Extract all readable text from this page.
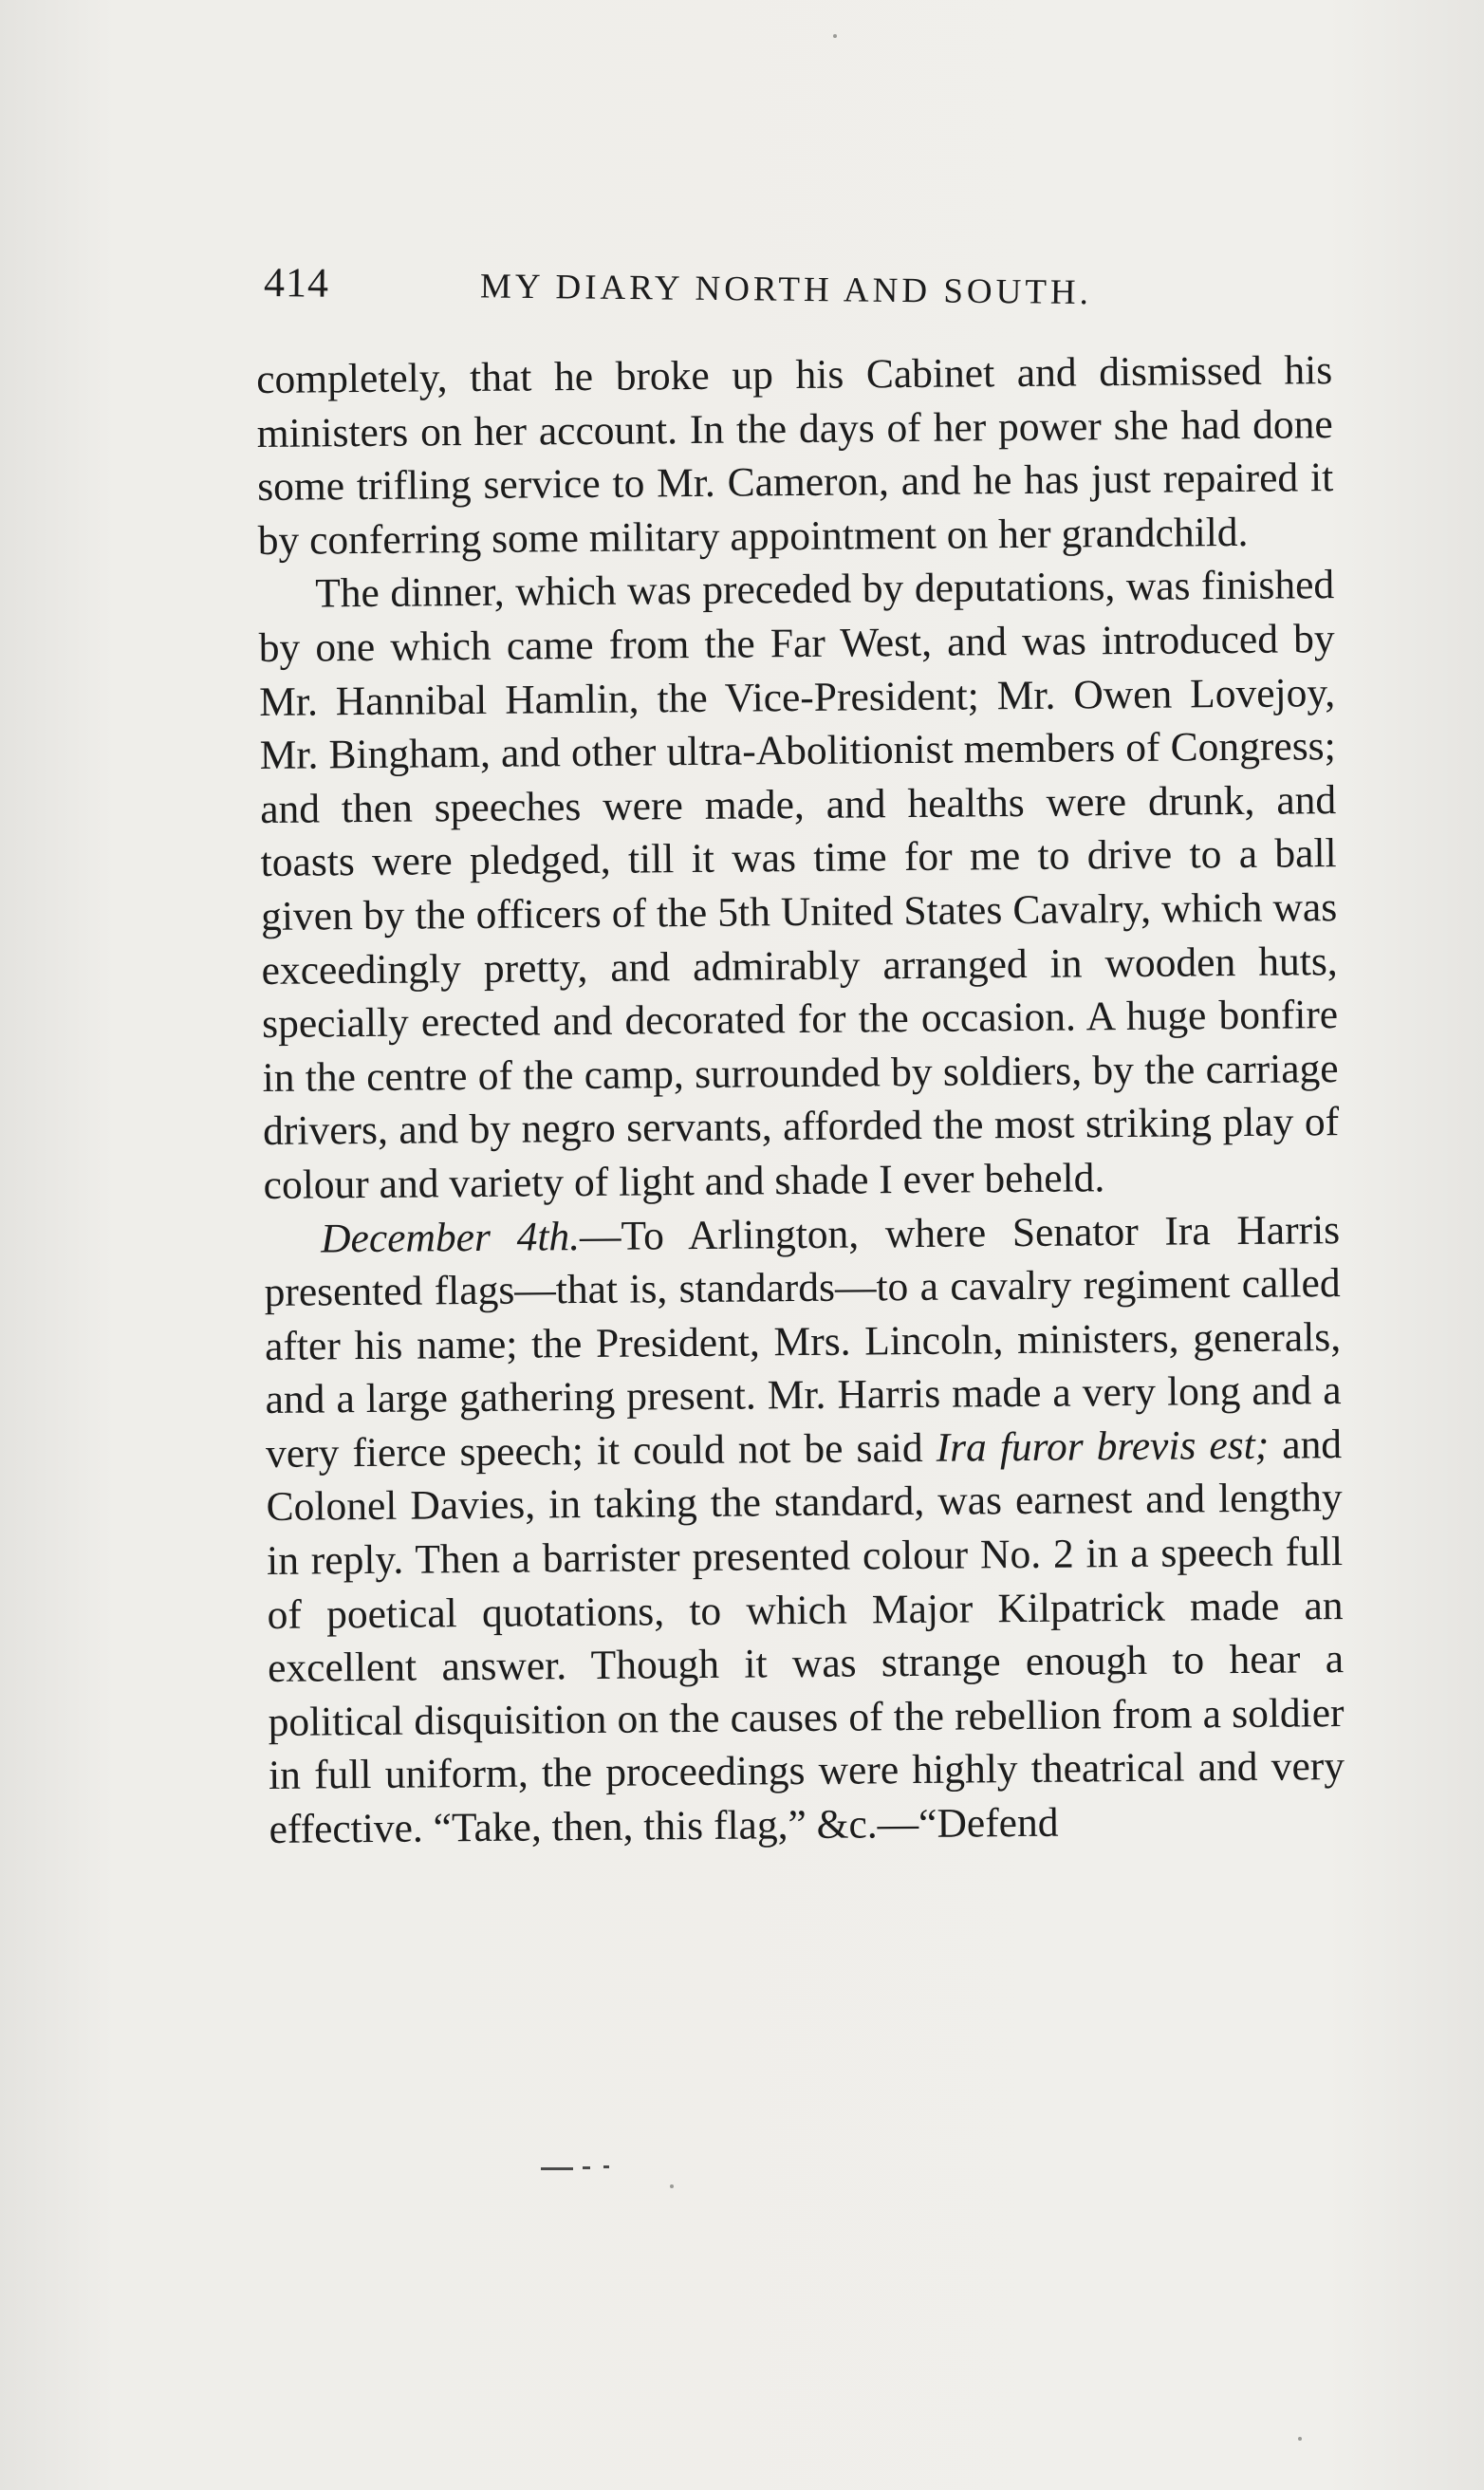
414	MY DIARY NORTH AND SOUTH.

completely, that he broke up his Cabinet and dismissed his ministers on her account. In the days of her power she had done some trifling service to Mr. Cameron, and he has just repaired it by conferring some military appointment on her grandchild.

The dinner, which was preceded by deputations, was finished by one which came from the Far West, and was introduced by Mr. Hannibal Hamlin, the Vice-President; Mr. Owen Lovejoy, Mr. Bingham, and other ultra-Abolitionist members of Congress; and then speeches were made, and healths were drunk, and toasts were pledged, till it was time for me to drive to a ball given by the officers of the 5th United States Cavalry, which was exceedingly pretty, and admirably arranged in wooden huts, specially erected and decorated for the occasion. A huge bonfire in the centre of the camp, surrounded by soldiers, by the carriage drivers, and by negro servants, afforded the most striking play of colour and variety of light and shade I ever beheld.

December 4th.—To Arlington, where Senator Ira Harris presented flags—that is, standards—to a cavalry regiment called after his name; the President, Mrs. Lincoln, ministers, generals, and a large gathering present. Mr. Harris made a very long and a very fierce speech; it could not be said Ira furor brevis est; and Colonel Davies, in taking the standard, was earnest and lengthy in reply. Then a barrister presented colour No. 2 in a speech full of poetical quotations, to which Major Kilpatrick made an excellent answer. Though it was strange enough to hear a political disquisition on the causes of the rebellion from a soldier in full uniform, the proceedings were highly theatrical and very effective. “Take, then, this flag,” &c.—“Defend
